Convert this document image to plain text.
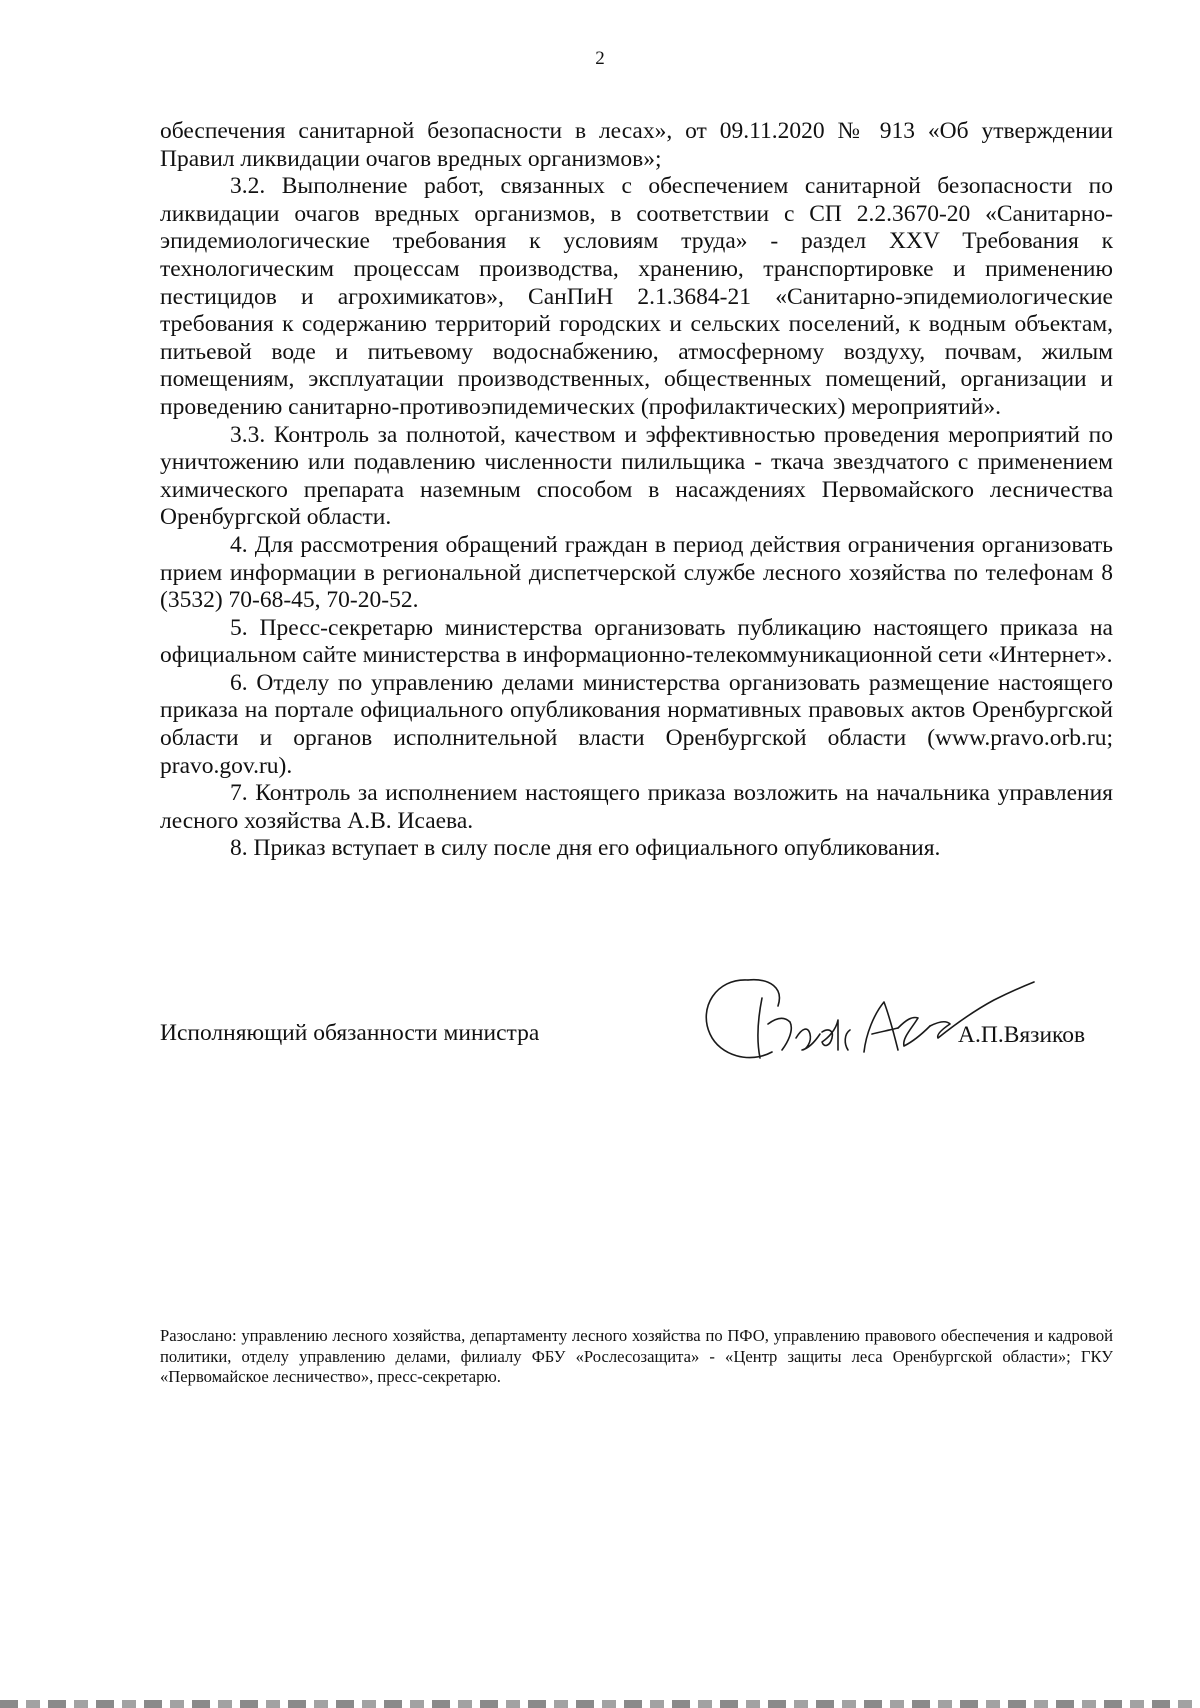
2

обеспечения санитарной безопасности в лесах», от 09.11.2020 № 913 «Об утверждении Правил ликвидации очагов вредных организмов»;

3.2. Выполнение работ, связанных с обеспечением санитарной безопасности по ликвидации очагов вредных организмов, в соответствии с СП 2.2.3670-20 «Санитарно-эпидемиологические требования к условиям труда» - раздел XXV Требования к технологическим процессам производства, хранению, транспортировке и применению пестицидов и агрохимикатов», СанПиН 2.1.3684-21 «Санитарно-эпидемиологические требования к содержанию территорий городских и сельских поселений, к водным объектам, питьевой воде и питьевому водоснабжению, атмосферному воздуху, почвам, жилым помещениям, эксплуатации производственных, общественных помещений, организации и проведению санитарно-противоэпидемических (профилактических) мероприятий».

3.3. Контроль за полнотой, качеством и эффективностью проведения мероприятий по уничтожению или подавлению численности пилильщика - ткача звездчатого с применением химического препарата наземным способом в насаждениях Первомайского лесничества Оренбургской области.

4. Для рассмотрения обращений граждан в период действия ограничения организовать прием информации в региональной диспетчерской службе лесного хозяйства по телефонам 8 (3532) 70-68-45, 70-20-52.

5. Пресс-секретарю министерства организовать публикацию настоящего приказа на официальном сайте министерства в информационно-телекоммуникационной сети «Интернет».

6. Отделу по управлению делами министерства организовать размещение настоящего приказа на портале официального опубликования нормативных правовых актов Оренбургской области и органов исполнительной власти Оренбургской области (www.pravo.orb.ru; pravo.gov.ru).

7. Контроль за исполнением настоящего приказа возложить на начальника управления лесного хозяйства А.В. Исаева.

8. Приказ вступает в силу после дня его официального опубликования.

Исполняющий обязанности министра	А.П.Вязиков
Разослано: управлению лесного хозяйства, департаменту лесного хозяйства по ПФО, управлению правового обеспечения и кадровой политики, отделу управлению делами, филиалу ФБУ «Рослесозащита» - «Центр защиты леса Оренбургской области»; ГКУ «Первомайское лесничество», пресс-секретарю.
